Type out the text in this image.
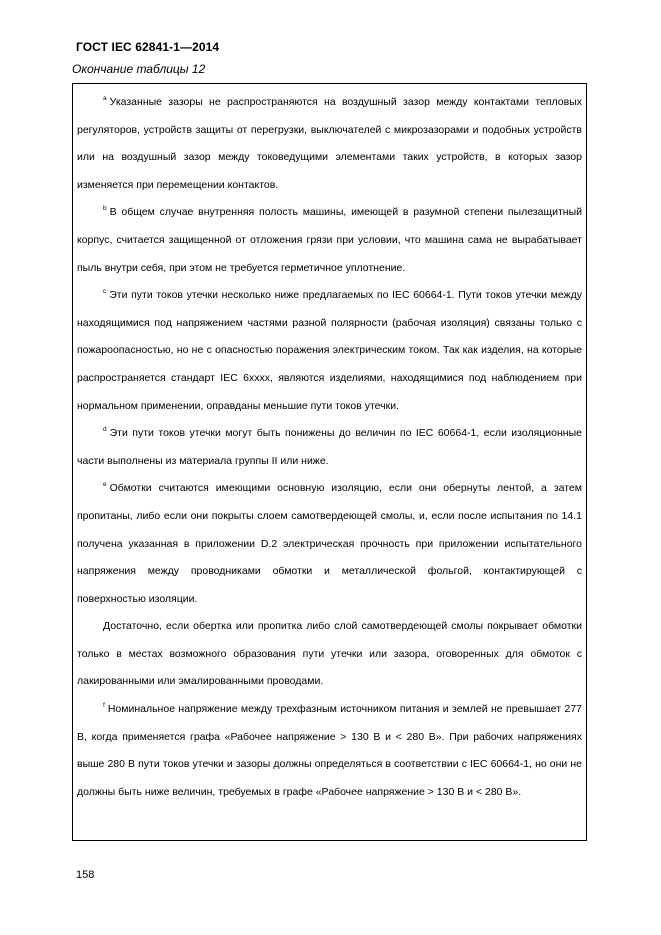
ГОСТ IEC 62841-1—2014
Окончание таблицы 12

$^a$ Указанные зазоры не распространяются на воздушный зазор между контактами тепловых регуляторов, устройств защиты от перегрузки, выключателей с микрозазорами и подобных устройств или на воздушный зазор между токоведущими элементами таких устройств, в которых зазор изменяется при перемещении контактов.

$^b$ В общем случае внутренняя полость машины, имеющей в разумной степени пылезащитный корпус, считается защищенной от отложения грязи при условии, что машина сама не вырабатывает пыль внутри себя, при этом не требуется герметичное уплотнение.

$^c$ Эти пути токов утечки несколько ниже предлагаемых по IEC 60664-1. Пути токов утечки между находящимися под напряжением частями разной полярности (рабочая изоляция) связаны только с пожароопасностью, но не с опасностью поражения электрическим током. Так как изделия, на которые распространяется стандарт IEC 6xxxx, являются изделиями, находящимися под наблюдением при нормальном применении, оправданы меньшие пути токов утечки.

$^d$ Эти пути токов утечки могут быть понижены до величин по IEC 60664-1, если изоляционные части выполнены из материала группы II или ниже.

$^e$ Обмотки считаются имеющими основную изоляцию, если они обернуты лентой, а затем пропитаны, либо если они покрыты слоем самотвердеющей смолы, и, если после испытания по 14.1 получена указанная в приложении D.2 электрическая прочность при приложении испытательного напряжения между проводниками обмотки и металлической фольгой, контактирующей с поверхностью изоляции.

Достаточно, если обертка или пропитка либо слой самотвердеющей смолы покрывает обмотки только в местах возможного образования пути утечки или зазора, оговоренных для обмоток с лакированными или эмалированными проводами.

$^f$ Номинальное напряжение между трехфазным источником питания и землей не превышает 277 В, когда применяется графа «Рабочее напряжение > 130 В и < 280 В». При рабочих напряжениях выше 280 В пути токов утечки и зазоры должны определяться в соответствии с IEC 60664-1, но они не должны быть ниже величин, требуемых в графе «Рабочее напряжение > 130 В и < 280 В».

158
